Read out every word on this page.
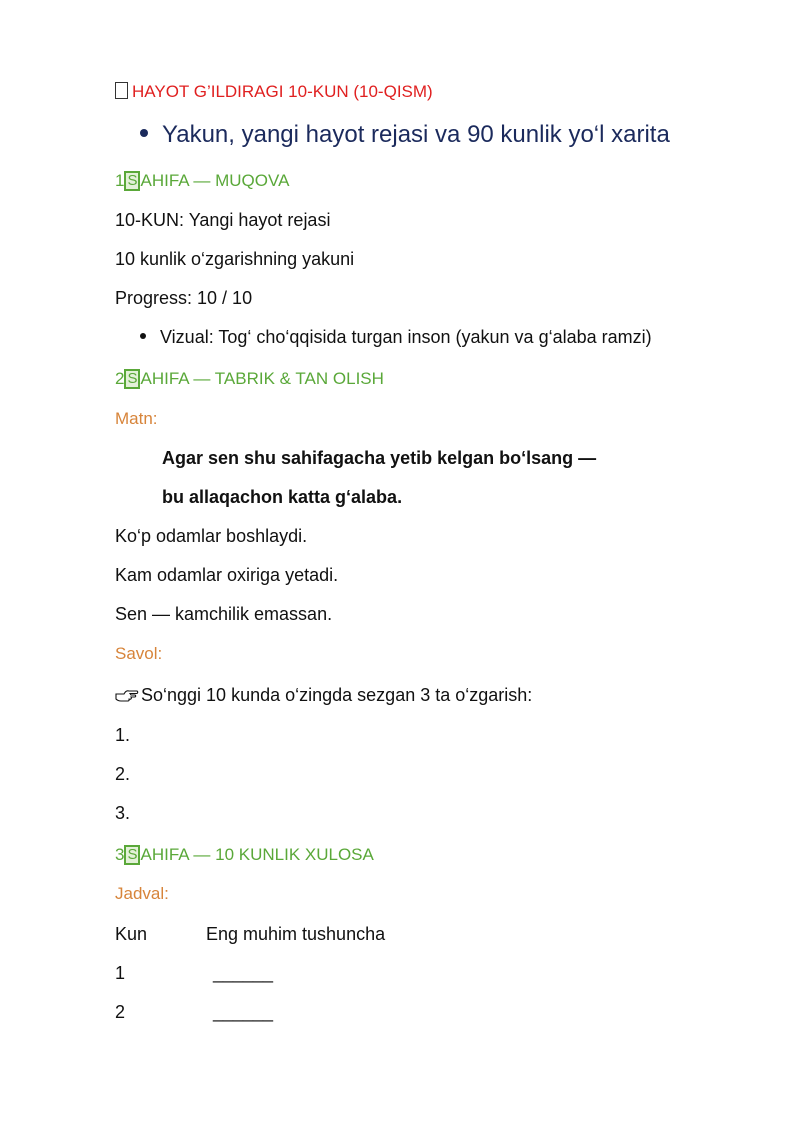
HAYOT G’ILDIRAGI 10-KUN (10-QISM)
Yakun, yangi hayot rejasi va 90 kunlik yo‘l xarita
1 S AHIFA — MUQOVA
10-KUN: Yangi hayot rejasi
10 kunlik o‘zgarishning yakuni
Progress: 10 / 10
Vizual: Tog‘ cho‘qqisida turgan inson (yakun va g‘alaba ramzi)
2 S AHIFA — TABRIK & TAN OLISH
Matn:
Agar sen shu sahifagacha yetib kelgan bo‘lsang —
bu allaqachon katta g‘alaba.
Ko‘p odamlar boshlaydi.
Kam odamlar oxiriga yetadi.
Sen — kamchilik emassan.
Savol:
So‘nggi 10 kunda o‘zingda sezgan 3 ta o‘zgarish:
1.
2.
3.
3 S AHIFA — 10 KUNLIK XULOSA
Jadval:
Kun	Eng muhim tushuncha
1	______
2	______
